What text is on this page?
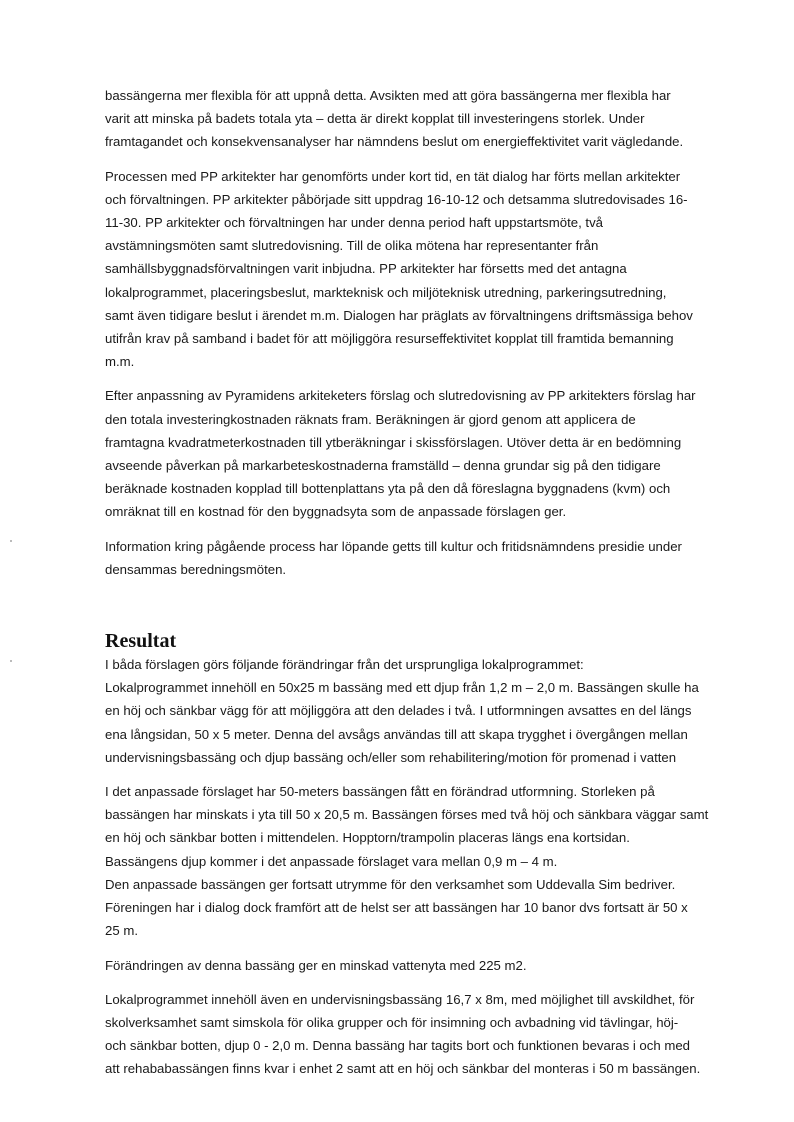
bassängerna mer flexibla för att uppnå detta. Avsikten med att göra bassängerna mer flexibla har

varit att minska på badets totala yta – detta är direkt kopplat till investeringens storlek. Under

framtagandet och konsekvensanalyser har nämndens beslut om energieffektivitet varit vägledande.

Processen med PP arkitekter har genomförts under kort tid, en tät dialog har förts mellan arkitekter

och förvaltningen. PP arkitekter påbörjade sitt uppdrag 16-10-12 och detsamma slutredovisades 16-

11-30. PP arkitekter och förvaltningen har under denna period haft uppstartsmöte, två

avstämningsmöten samt slutredovisning. Till de olika mötena har representanter från

samhällsbyggnadsförvaltningen varit inbjudna. PP arkitekter har försetts med det antagna

lokalprogrammet, placeringsbeslut, markteknisk och miljöteknisk utredning, parkeringsutredning,

samt även tidigare beslut i ärendet m.m. Dialogen har präglats av förvaltningens driftsmässiga behov

utifrån krav på samband i badet för att möjliggöra resurseffektivitet kopplat till framtida bemanning

m.m.

Efter anpassning av Pyramidens arkiteketers förslag och slutredovisning av PP arkitekters förslag har

den totala investeringkostnaden räknats fram. Beräkningen är gjord genom att applicera de

framtagna kvadratmeterkostnaden till ytberäkningar i skissförslagen. Utöver detta är en bedömning

avseende påverkan på markarbeteskostnaderna framställd – denna grundar sig på den tidigare

beräknade kostnaden kopplad till bottenplattans yta på den då föreslagna byggnadens (kvm) och

omräknat till en kostnad för den byggnadsyta som de anpassade förslagen ger.

Information kring pågående process har löpande getts till kultur och fritidsnämndens presidie under

densammas beredningsmöten.

Resultat

I båda förslagen görs följande förändringar från det ursprungliga lokalprogrammet:

Lokalprogrammet innehöll en 50x25 m bassäng med ett djup från 1,2 m – 2,0 m. Bassängen skulle ha

en höj och sänkbar vägg för att möjliggöra att den delades i två. I utformningen avsattes en del längs

ena långsidan, 50 x 5 meter. Denna del avsågs användas till att skapa trygghet i övergången mellan

undervisningsbassäng och djup bassäng och/eller som rehabilitering/motion för promenad i vatten

I det anpassade förslaget har 50-meters bassängen fått en förändrad utformning. Storleken på

bassängen har minskats i yta till 50 x 20,5 m. Bassängen förses med två höj och sänkbara väggar samt

en höj och sänkbar botten i mittendelen. Hopptorn/trampolin placeras längs ena kortsidan.

Bassängens djup kommer i det anpassade förslaget vara mellan 0,9 m – 4 m.

Den anpassade bassängen ger fortsatt utrymme för den verksamhet som Uddevalla Sim bedriver.

Föreningen har i dialog dock framfört att de helst ser att bassängen har 10 banor dvs fortsatt är 50 x

25 m.

Förändringen av denna bassäng ger en minskad vattenyta med 225 m2.

Lokalprogrammet innehöll även en undervisningsbassäng 16,7 x 8m, med möjlighet till avskildhet, för

skolverksamhet samt simskola för olika grupper och för insimning och avbadning vid tävlingar, höj-

och sänkbar botten, djup 0 - 2,0 m. Denna bassäng har tagits bort och funktionen bevaras i och med

att rehababassängen finns kvar i enhet 2 samt att en höj och sänkbar del monteras i 50 m bassängen.
